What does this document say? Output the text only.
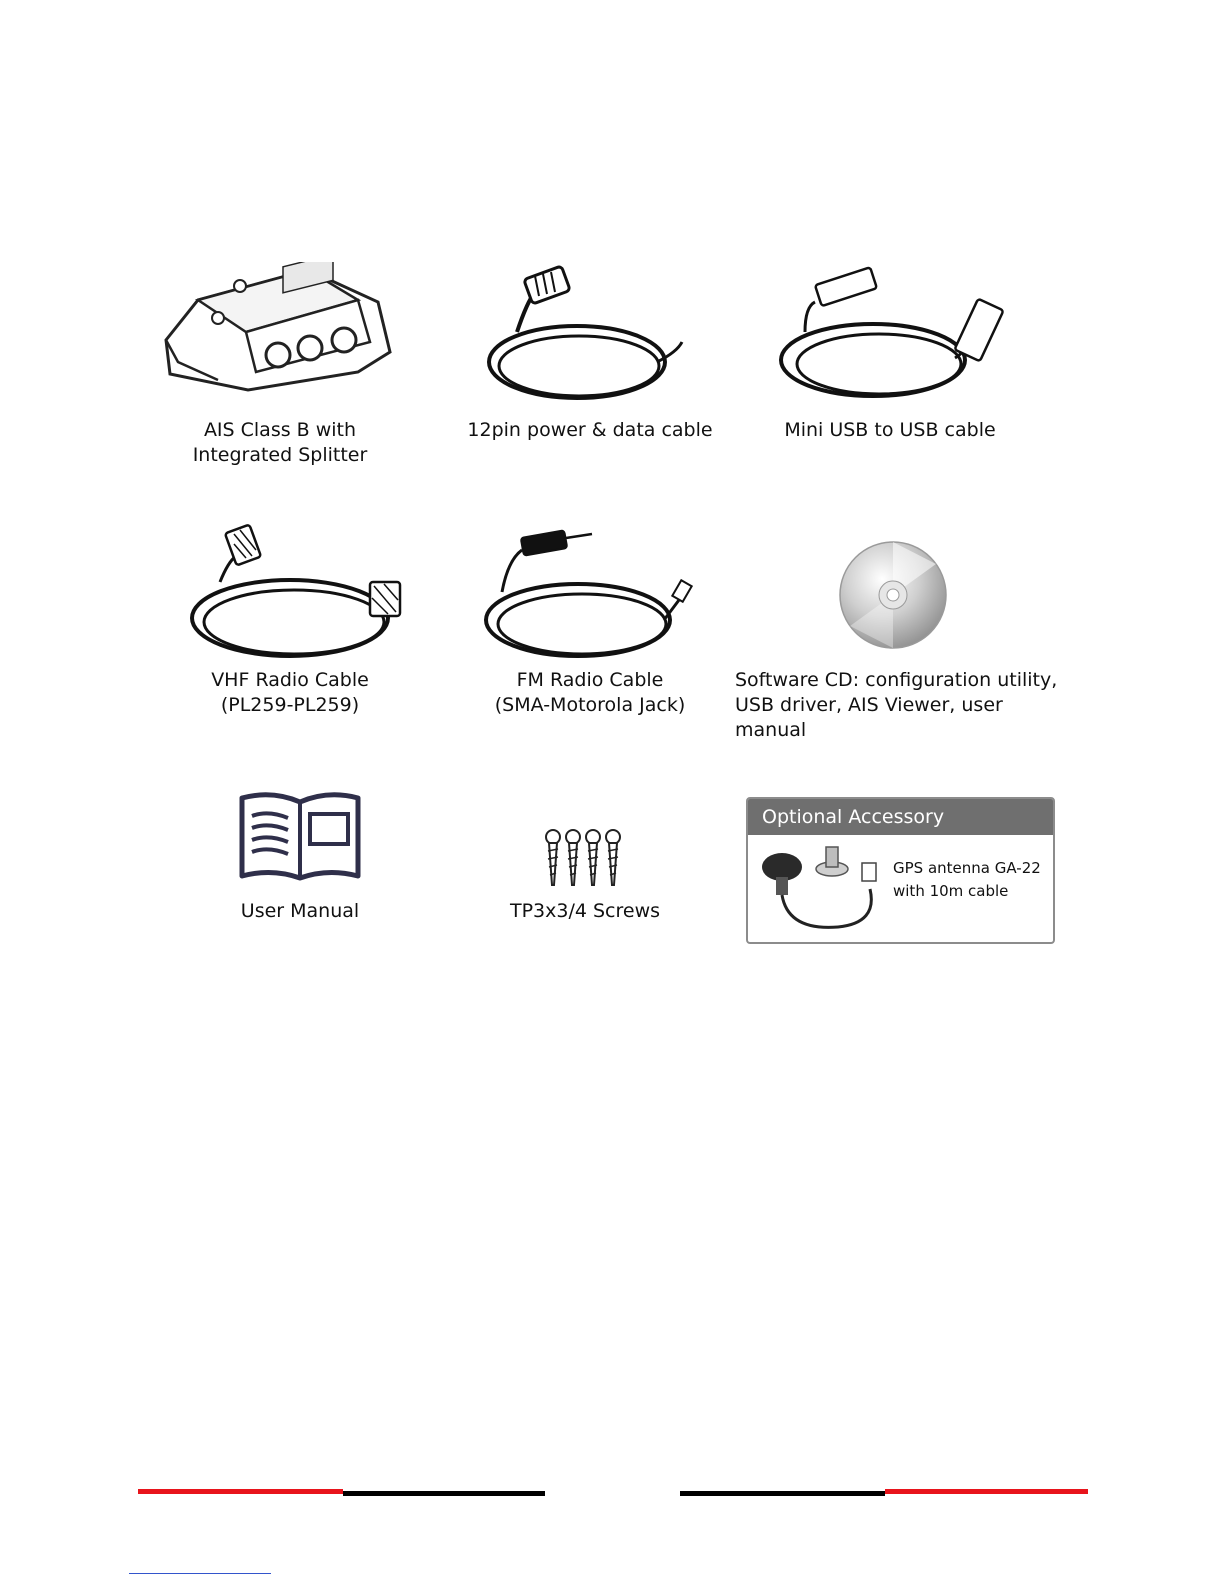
AIS Class B with
Integrated Splitter
12pin power & data cable	Mini USB to USB cable
VHF Radio Cable
(PL259-PL259)
FM Radio Cable
(SMA-Motorola Jack)
Software CD: configuration utility,
USB driver, AIS Viewer, user manual
User Manual	TP3x3/4 Screws
Optional Accessory
GPS antenna GA-22
with 10m cable
